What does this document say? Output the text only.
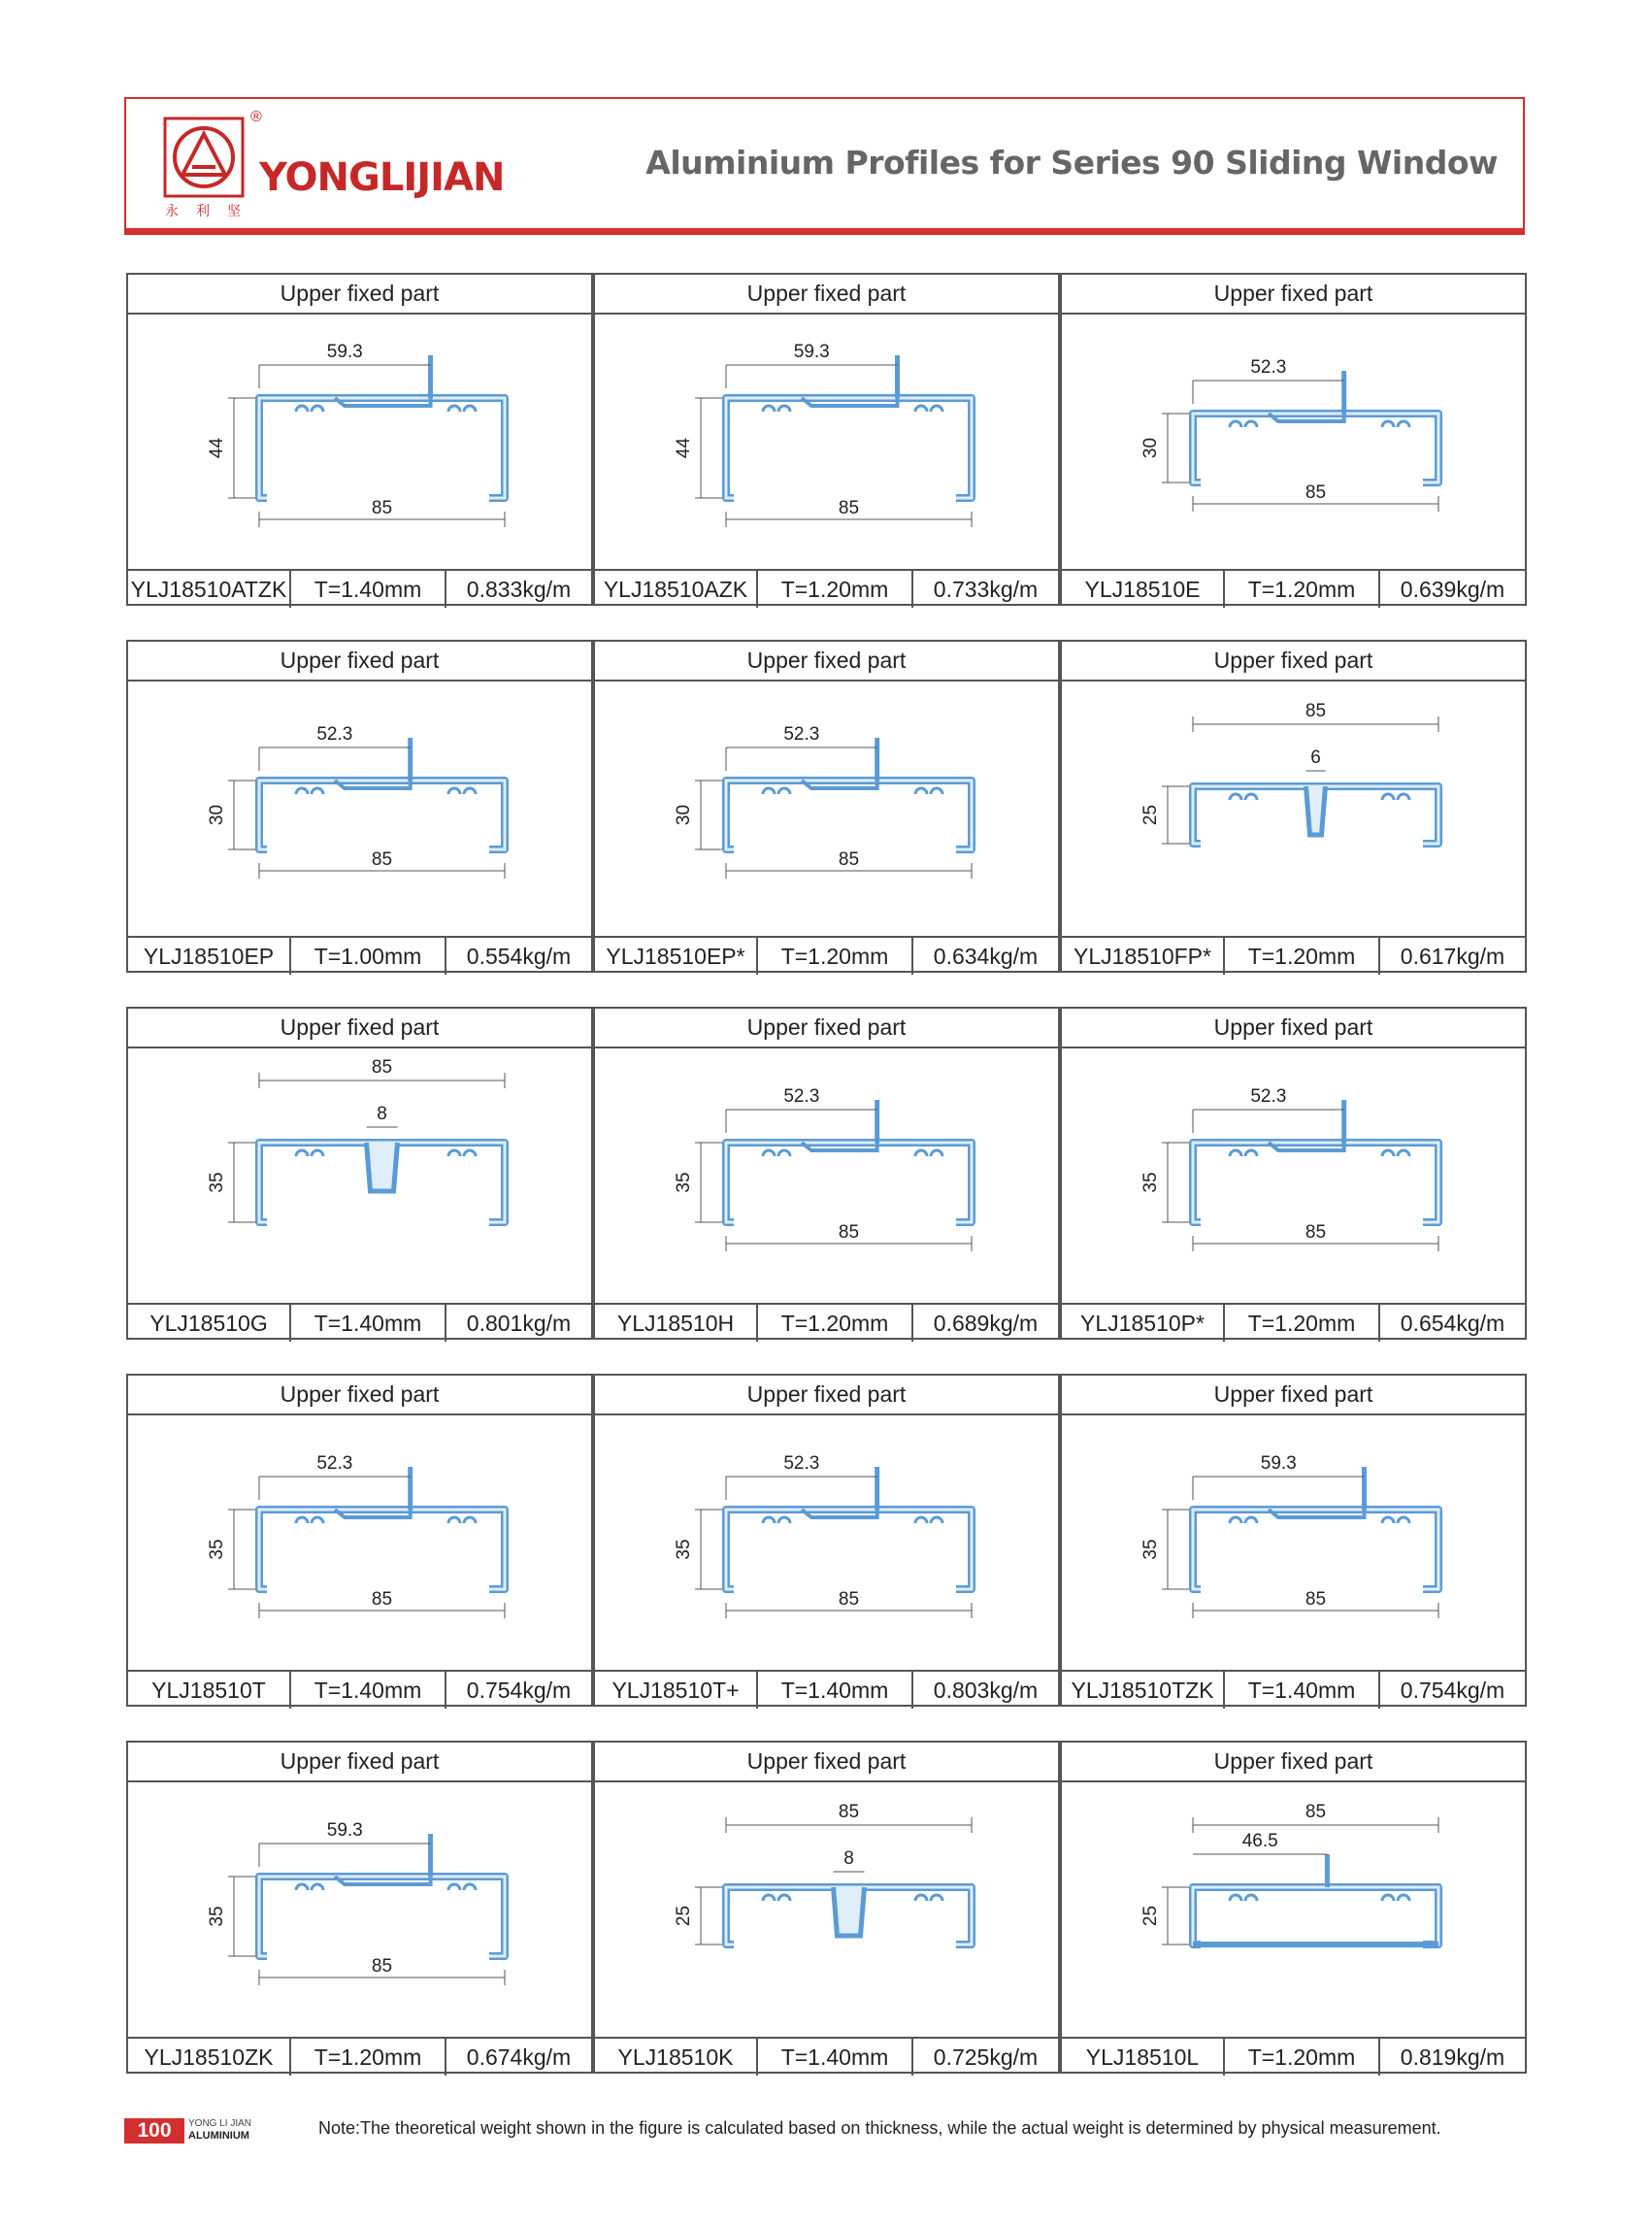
®
永利坚
YONGLIJIAN	Aluminium Profiles for Series 90 Sliding Window
Upper fixed part
59.3
85
44
YLJ18510ATZK	T=1.40mm	0.833kg/m
Upper fixed part
59.3
85
44
YLJ18510AZK	T=1.20mm	0.733kg/m
Upper fixed part
52.3
85
30
YLJ18510E	T=1.20mm	0.639kg/m
Upper fixed part
52.3
85
30
YLJ18510EP	T=1.00mm	0.554kg/m
Upper fixed part
52.3
85
30
YLJ18510EP*	T=1.20mm	0.634kg/m
Upper fixed part
6
85
25
YLJ18510FP*	T=1.20mm	0.617kg/m
Upper fixed part
8
85
35
YLJ18510G	T=1.40mm	0.801kg/m
Upper fixed part
52.3
85
35
YLJ18510H	T=1.20mm	0.689kg/m
Upper fixed part
52.3
85
35
YLJ18510P*	T=1.20mm	0.654kg/m
Upper fixed part
52.3
85
35
YLJ18510T	T=1.40mm	0.754kg/m
Upper fixed part
52.3
85
35
YLJ18510T+	T=1.40mm	0.803kg/m
Upper fixed part
59.3
85
35
YLJ18510TZK	T=1.40mm	0.754kg/m
Upper fixed part
59.3
85
35
YLJ18510ZK	T=1.20mm	0.674kg/m
Upper fixed part
8
85
25
YLJ18510K	T=1.40mm	0.725kg/m
Upper fixed part
46.5
85
25
YLJ18510L	T=1.20mm	0.819kg/m
100	YONG LI JIAN
ALUMINIUM	Note:The theoretical weight shown in the figure is calculated based on thickness, while the actual weight is determined by physical measurement.
